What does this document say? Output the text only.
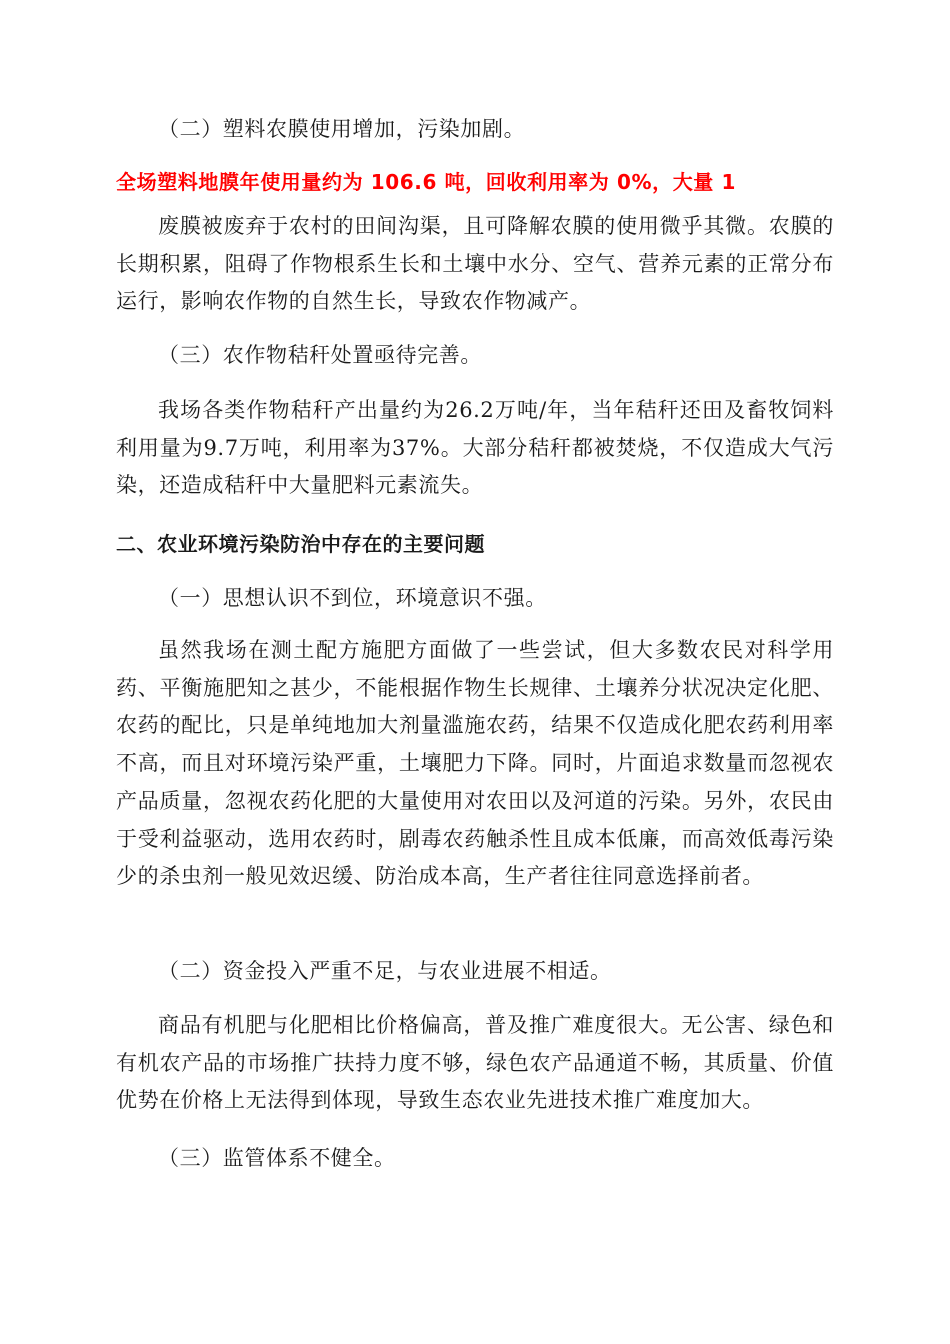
（二）塑料农膜使用增加，污染加剧。

全场塑料地膜年使用量约为 106.6 吨，回收利用率为 0%，大量 1

废膜被废弃于农村的田间沟渠，且可降解农膜的使用微乎其微。农膜的长期积累，阻碍了作物根系生长和土壤中水分、空气、营养元素的正常分布运行，影响农作物的自然生长，导致农作物减产。

（三）农作物秸秆处置亟待完善。

我场各类作物秸秆产出量约为26.2万吨/年，当年秸秆还田及畜牧饲料利用量为9.7万吨，利用率为37%。大部分秸秆都被焚烧，不仅造成大气污染，还造成秸秆中大量肥料元素流失。

二、农业环境污染防治中存在的主要问题

（一）思想认识不到位，环境意识不强。

虽然我场在测土配方施肥方面做了一些尝试，但大多数农民对科学用药、平衡施肥知之甚少，不能根据作物生长规律、土壤养分状况决定化肥、农药的配比，只是单纯地加大剂量滥施农药，结果不仅造成化肥农药利用率不高，而且对环境污染严重，土壤肥力下降。同时，片面追求数量而忽视农产品质量，忽视农药化肥的大量使用对农田以及河道的污染。另外，农民由于受利益驱动，选用农药时，剧毒农药触杀性且成本低廉，而高效低毒污染少的杀虫剂一般见效迟缓、防治成本高，生产者往往同意选择前者。

（二）资金投入严重不足，与农业进展不相适。

商品有机肥与化肥相比价格偏高，普及推广难度很大。无公害、绿色和有机农产品的市场推广扶持力度不够，绿色农产品通道不畅，其质量、价值优势在价格上无法得到体现，导致生态农业先进技术推广难度加大。

（三）监管体系不健全。
